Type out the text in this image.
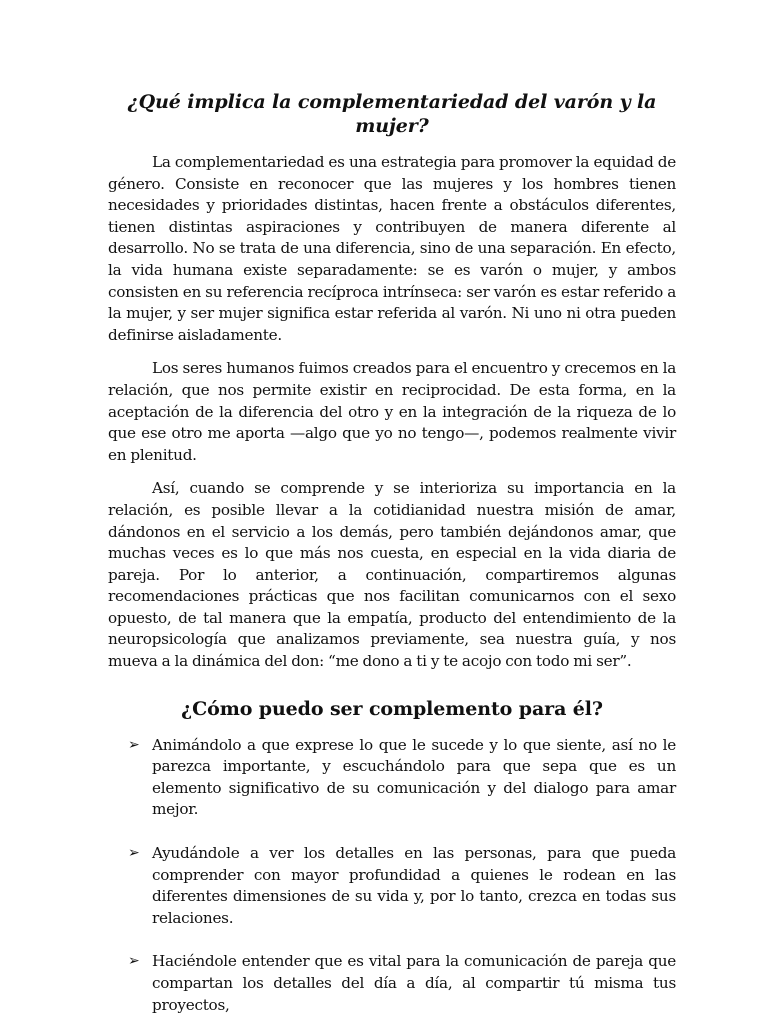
¿Qué implica la complementariedad del varón y la mujer?

La complementariedad es una estrategia para promover la equidad de género. Consiste en reconocer que las mujeres y los hombres tienen necesidades y prioridades distintas, hacen frente a obstáculos diferentes, tienen distintas aspiraciones y contribuyen de manera diferente al desarrollo. No se trata de una diferencia, sino de una separación. En efecto, la vida humana existe separadamente: se es varón o mujer, y ambos consisten en su referencia recíproca intrínseca: ser varón es estar referido a la mujer, y ser mujer significa estar referida al varón. Ni uno ni otra pueden definirse aisladamente.

Los seres humanos fuimos creados para el encuentro y crecemos en la relación, que nos permite existir en reciprocidad. De esta forma, en la aceptación de la diferencia del otro y en la integración de la riqueza de lo que ese otro me aporta —algo que yo no tengo—, podemos realmente vivir en plenitud.

Así, cuando se comprende y se interioriza su importancia en la relación, es posible llevar a la cotidianidad nuestra misión de amar, dándonos en el servicio a los demás, pero también dejándonos amar, que muchas veces es lo que más nos cuesta, en especial en la vida diaria de pareja. Por lo anterior, a continuación, compartiremos algunas recomendaciones prácticas que nos facilitan comunicarnos con el sexo opuesto, de tal manera que la empatía, producto del entendimiento de la neuropsicología que analizamos previamente, sea nuestra guía, y nos mueva a la dinámica del don: “me dono a ti y te acojo con todo mi ser”.

¿Cómo puedo ser complemento para él?
➢ Animándolo a que exprese lo que le sucede y lo que siente, así no le parezca importante, y escuchándolo para que sepa que es un elemento significativo de su comunicación y del dialogo para amar mejor.
➢ Ayudándole a ver los detalles en las personas, para que pueda comprender con mayor profundidad a quienes le rodean en las diferentes dimensiones de su vida y, por lo tanto, crezca en todas sus relaciones.
➢ Haciéndole entender que es vital para la comunicación de pareja que compartan los detalles del día a día, al compartir tú misma tus proyectos,
